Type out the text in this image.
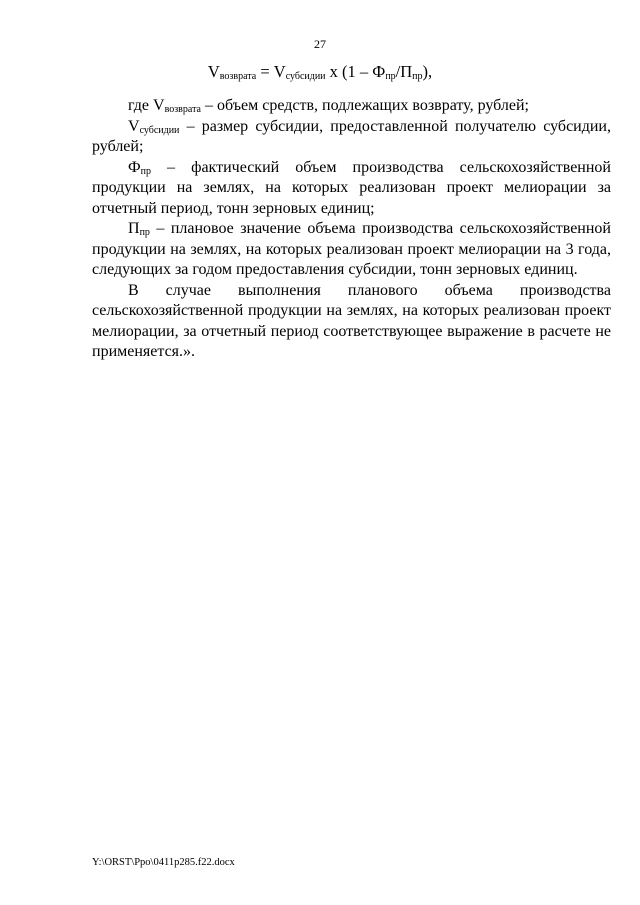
27
$V_{возврата} = V_{субсидии}$ х $(1 - Ф_{пр}/П_{пр})$,

где $V_{возврата}$ – объем средств, подлежащих возврату, рублей;

$V_{субсидии}$ – размер субсидии, предоставленной получателю субсидии, рублей;

$Ф_{пр}$ – фактический объем производства сельскохозяйственной продукции на землях, на которых реализован проект мелиорации за отчетный период, тонн зерновых единиц;

$П_{пр}$ – плановое значение объема производства сельскохозяйственной продукции на землях, на которых реализован проект мелиорации на 3 года, следующих за годом предоставления субсидии, тонн зерновых единиц.

В случае выполнения планового объема производства сельскохозяйственной продукции на землях, на которых реализован проект мелиорации, за отчетный период соответствующее выражение в расчете не применяется.».

Y:\ORST\Ppo\0411p285.f22.docx
